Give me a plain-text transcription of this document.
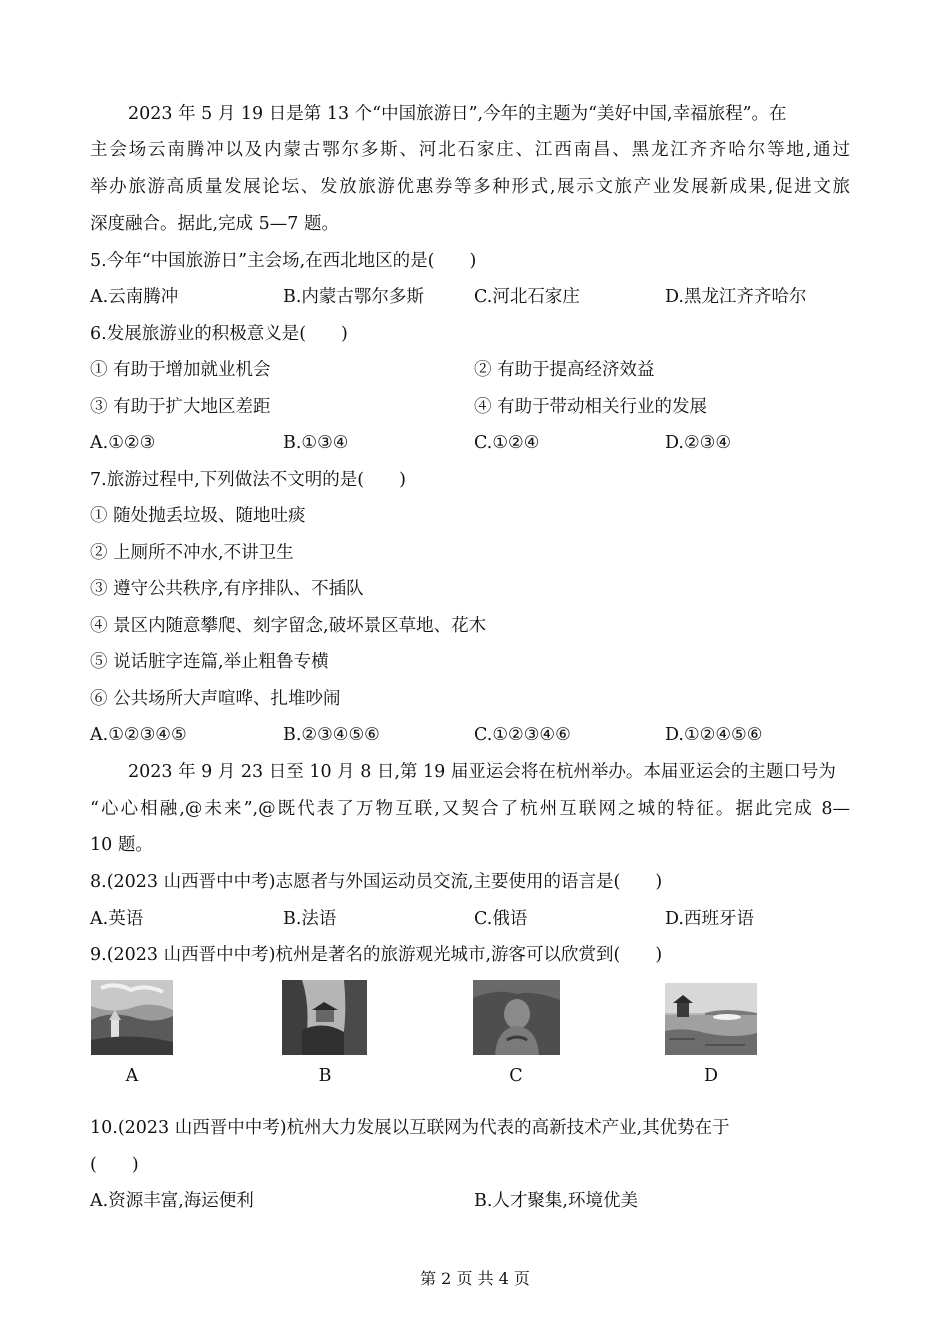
2023 年 5 月 19 日是第 13 个“中国旅游日”,今年的主题为“美好中国,幸福旅程”。在
主会场云南腾冲以及内蒙古鄂尔多斯、河北石家庄、江西南昌、黑龙江齐齐哈尔等地,通过
举办旅游高质量发展论坛、发放旅游优惠券等多种形式,展示文旅产业发展新成果,促进文旅
深度融合。据此,完成 5—7 题。
5.今年“中国旅游日”主会场,在西北地区的是(  )
A.云南腾冲	B.内蒙古鄂尔多斯	C.河北石家庄	D.黑龙江齐齐哈尔
6.发展旅游业的积极意义是(  )
① 有助于增加就业机会	② 有助于提高经济效益
③ 有助于扩大地区差距	④ 有助于带动相关行业的发展
A.①②③	B.①③④	C.①②④	D.②③④
7.旅游过程中,下列做法不文明的是(  )
① 随处抛丢垃圾、随地吐痰
② 上厕所不冲水,不讲卫生
③ 遵守公共秩序,有序排队、不插队
④ 景区内随意攀爬、刻字留念,破坏景区草地、花木
⑤ 说话脏字连篇,举止粗鲁专横
⑥ 公共场所大声喧哗、扎堆吵闹
A.①②③④⑤	B.②③④⑤⑥	C.①②③④⑥	D.①②④⑤⑥
2023 年 9 月 23 日至 10 月 8 日,第 19 届亚运会将在杭州举办。本届亚运会的主题口号为
“心心相融,@未来”,@既代表了万物互联,又契合了杭州互联网之城的特征。据此完成 8—
10 题。
8.(2023 山西晋中中考)志愿者与外国运动员交流,主要使用的语言是(  )
A.英语	B.法语	C.俄语	D.西班牙语
9.(2023 山西晋中中考)杭州是著名的旅游观光城市,游客可以欣赏到(  )
A	B	C	D
10.(2023 山西晋中中考)杭州大力发展以互联网为代表的高新技术产业,其优势在于
(  )
A.资源丰富,海运便利	B.人才聚集,环境优美
第 2 页 共 4 页
